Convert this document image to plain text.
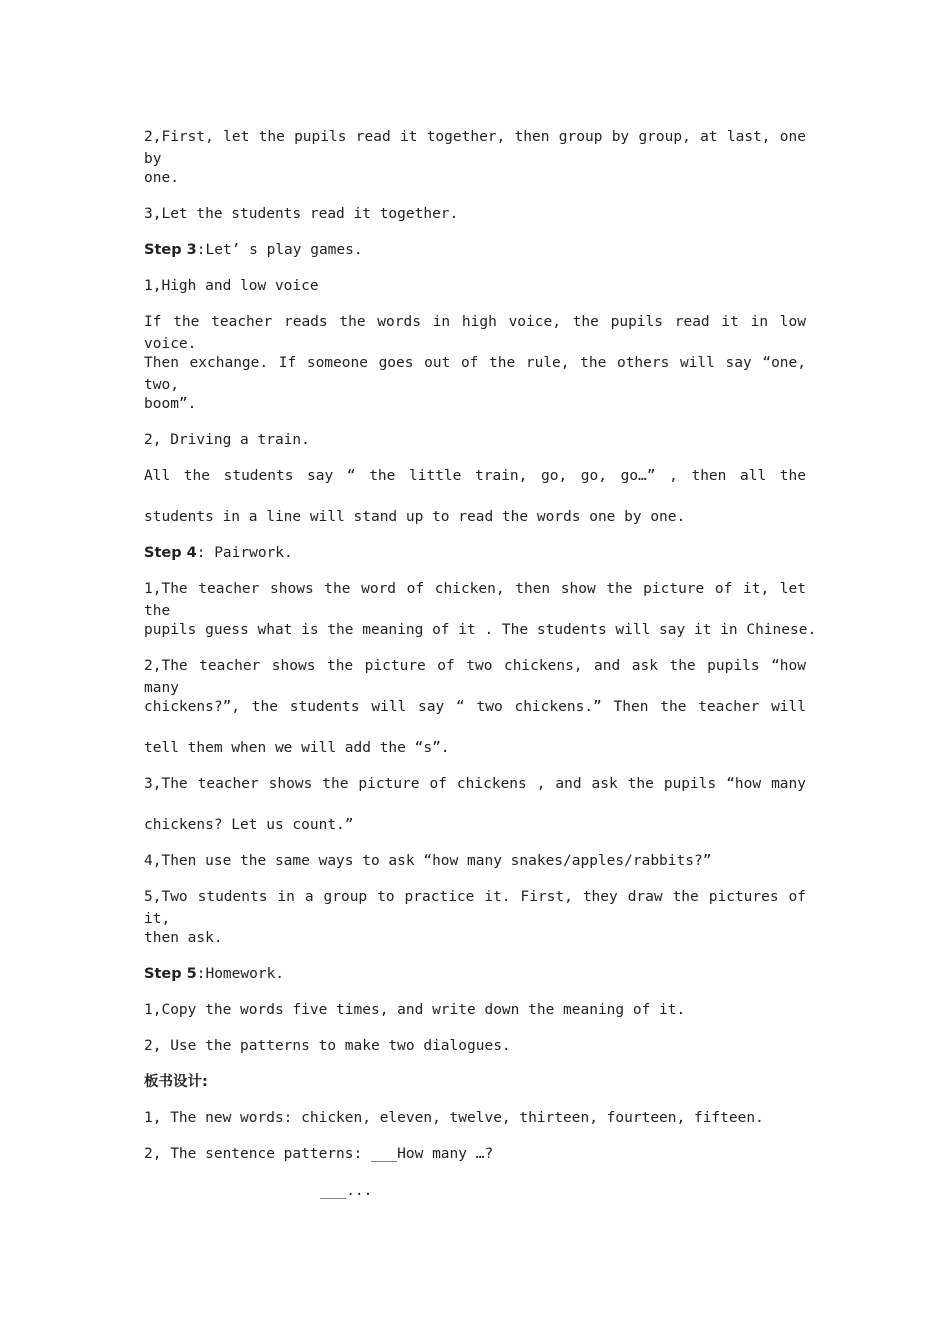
2,First, let the pupils read it together, then group by group, at last, one by
one.
3,Let the students read it together.
Step 3:Let’ s play games.
1,High and low voice
If the teacher reads the words in high voice, the pupils read it in low voice.
Then exchange. If someone goes out of the rule, the others will say “one, two,
boom”.
2, Driving a train.
All the students say “ the little train, go, go, go…” , then all the
students in a line will stand up to read the words one by one.
Step 4: Pairwork.
1,The teacher shows the word of chicken, then show the picture of it, let the
pupils guess what is the meaning of it . The students will say it in Chinese.
2,The teacher shows the picture of two chickens, and ask the pupils “how many
chickens?”, the students will say “ two chickens.” Then the teacher will
tell them when we will add the “s”.
3,The teacher shows the picture of chickens , and ask the pupils “how many
chickens? Let us count.”
4,Then use the same ways to ask “how many snakes/apples/rabbits?”
5,Two students in a group to practice it. First, they draw the pictures of it,
then ask.
Step 5:Homework.
1,Copy the words five times, and write down the meaning of it.
2, Use the patterns to make two dialogues.
板书设计:
1, The new words: chicken, eleven, twelve, thirteen, fourteen, fifteen.
2, The sentence patterns: ___How many …?
___...
